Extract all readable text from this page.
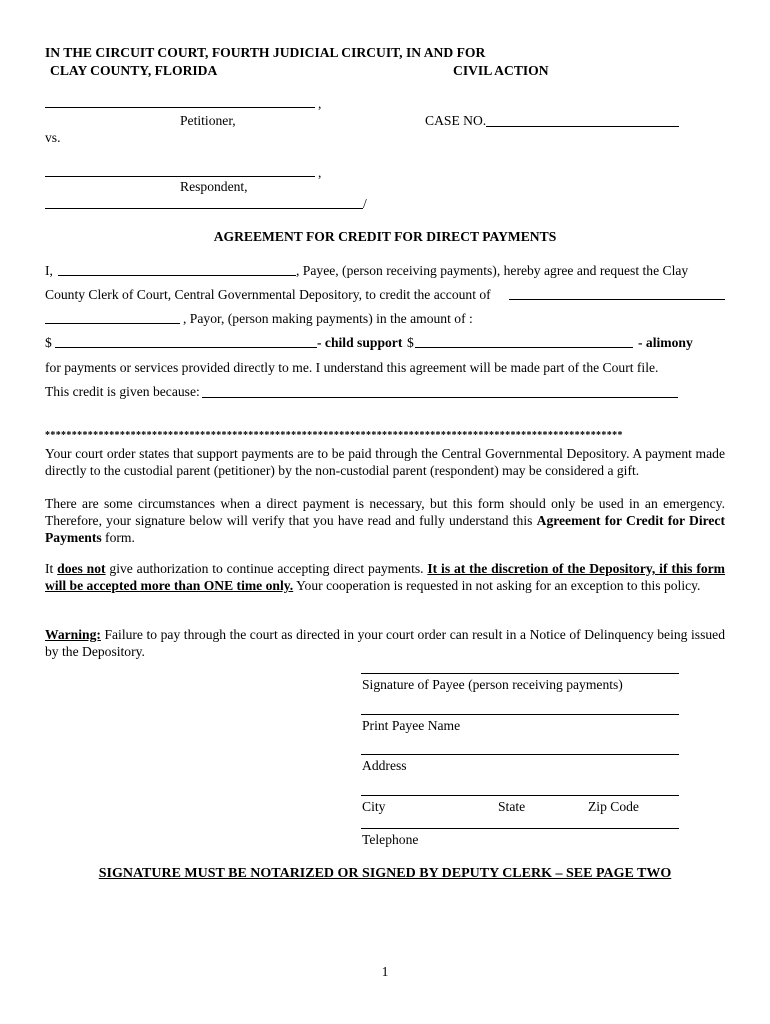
IN THE CIRCUIT COURT, FOURTH JUDICIAL CIRCUIT, IN AND FOR
CLAY COUNTY, FLORIDA	CIVIL ACTION
,
Petitioner,	CASE NO.
vs.
,
Respondent,
/
AGREEMENT FOR CREDIT FOR DIRECT PAYMENTS
I,	, Payee, (person receiving payments), hereby agree and request the Clay
County Clerk of Court, Central Governmental Depository, to credit the account of
, Payor, (person making payments) in the amount of :
$	- child support $	- alimony
for payments or services provided directly to me. I understand this agreement will be made part of the Court file.
This credit is given because:
************************************************************************************************************
Your court order states that support payments are to be paid through the Central Governmental Depository. A payment made directly to the custodial parent (petitioner) by the non-custodial parent (respondent) may be considered a gift.
There are some circumstances when a direct payment is necessary, but this form should only be used in an emergency. Therefore, your signature below will verify that you have read and fully understand this Agreement for Credit for Direct Payments form.
It does not give authorization to continue accepting direct payments. It is at the discretion of the Depository, if this form will be accepted more than ONE time only. Your cooperation is requested in not asking for an exception to this policy.
Warning: Failure to pay through the court as directed in your court order can result in a Notice of Delinquency being issued by the Depository.
Signature of Payee (person receiving payments)
Print Payee Name
Address
City	State	Zip Code
Telephone
SIGNATURE MUST BE NOTARIZED OR SIGNED BY DEPUTY CLERK – SEE PAGE TWO
1
